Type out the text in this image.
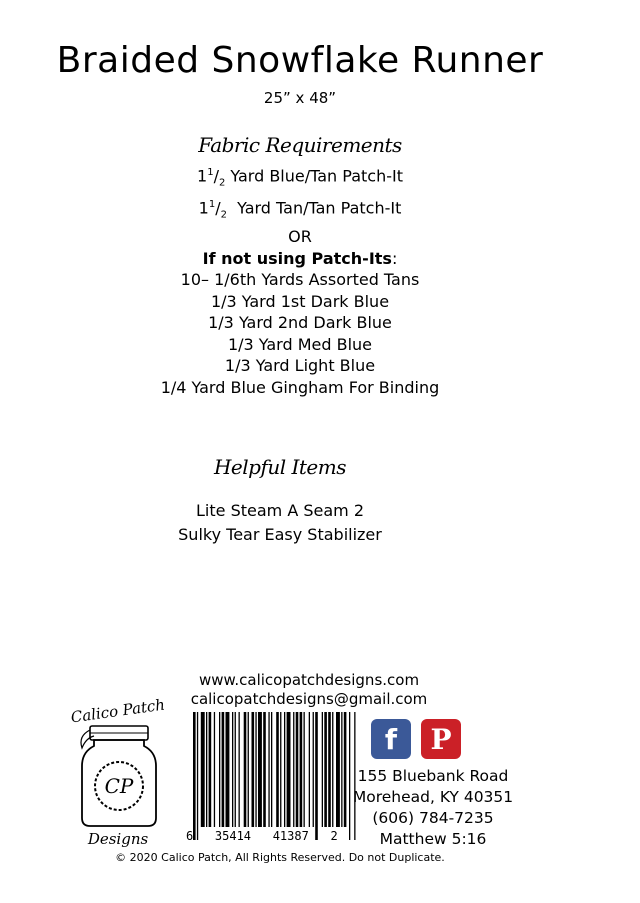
Braided Snowflake Runner
25” x 48”
Fabric Requirements
$1^1/_2$ Yard Blue/Tan Patch-It
$1^1/_2$  Yard Tan/Tan Patch-It
OR
If not using Patch-Its:
10– 1/6th Yards Assorted Tans
1/3 Yard 1st Dark Blue
1/3 Yard 2nd Dark Blue
1/3 Yard Med Blue
1/3 Yard Light Blue
1/4 Yard Blue Gingham For Binding
Helpful Items
Lite Steam A Seam 2
Sulky Tear Easy Stabilizer
www.calicopatchdesigns.com
calicopatchdesigns@gmail.com
Calico Patch
CP
Designs	6   35414   41387   2
f	P
155 Bluebank Road
Morehead, KY 40351
(606) 784-7235
Matthew 5:16
© 2020 Calico Patch, All Rights Reserved. Do not Duplicate.
